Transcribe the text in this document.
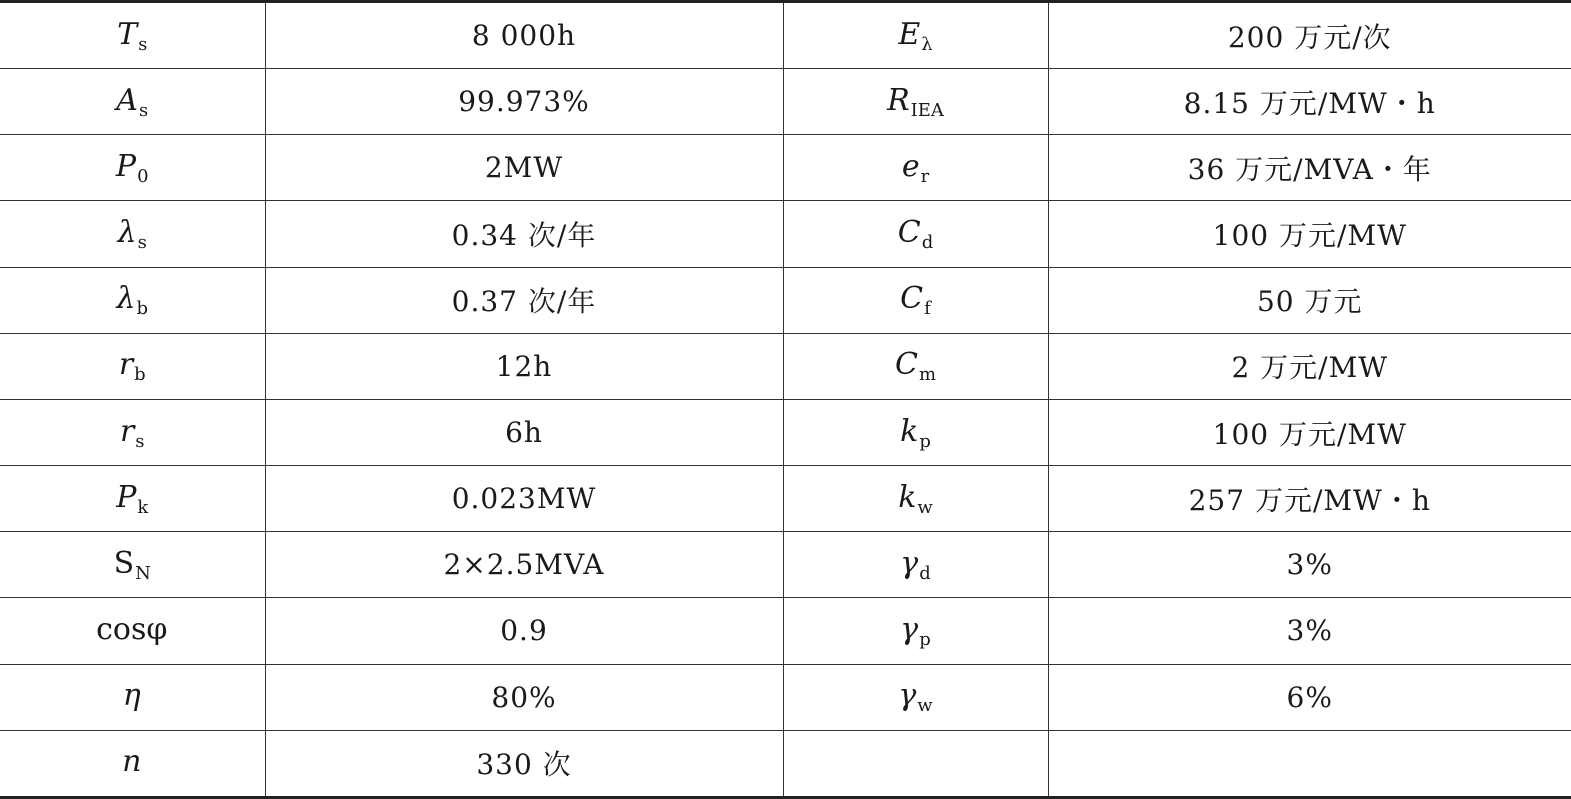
$T_s$	8 000h	$E_\lambda$	200 万元/次
$A_s$	99.973%	$R_{IEA}$	8.15 万元/MW・h
$P_0$	2MW	$e_r$	36 万元/MVA・年
$\lambda_s$	0.34 次/年	$C_d$	100 万元/MW
$\lambda_b$	0.37 次/年	$C_f$	50 万元
$r_b$	12h	$C_m$	2 万元/MW
$r_s$	6h	$k_p$	100 万元/MW
$P_k$	0.023MW	$k_w$	257 万元/MW・h
$S_N$	2×2.5MVA	$\gamma_d$	3%
cosφ	0.9	$\gamma_p$	3%
η	80%	$\gamma_w$	6%
n	330 次		
